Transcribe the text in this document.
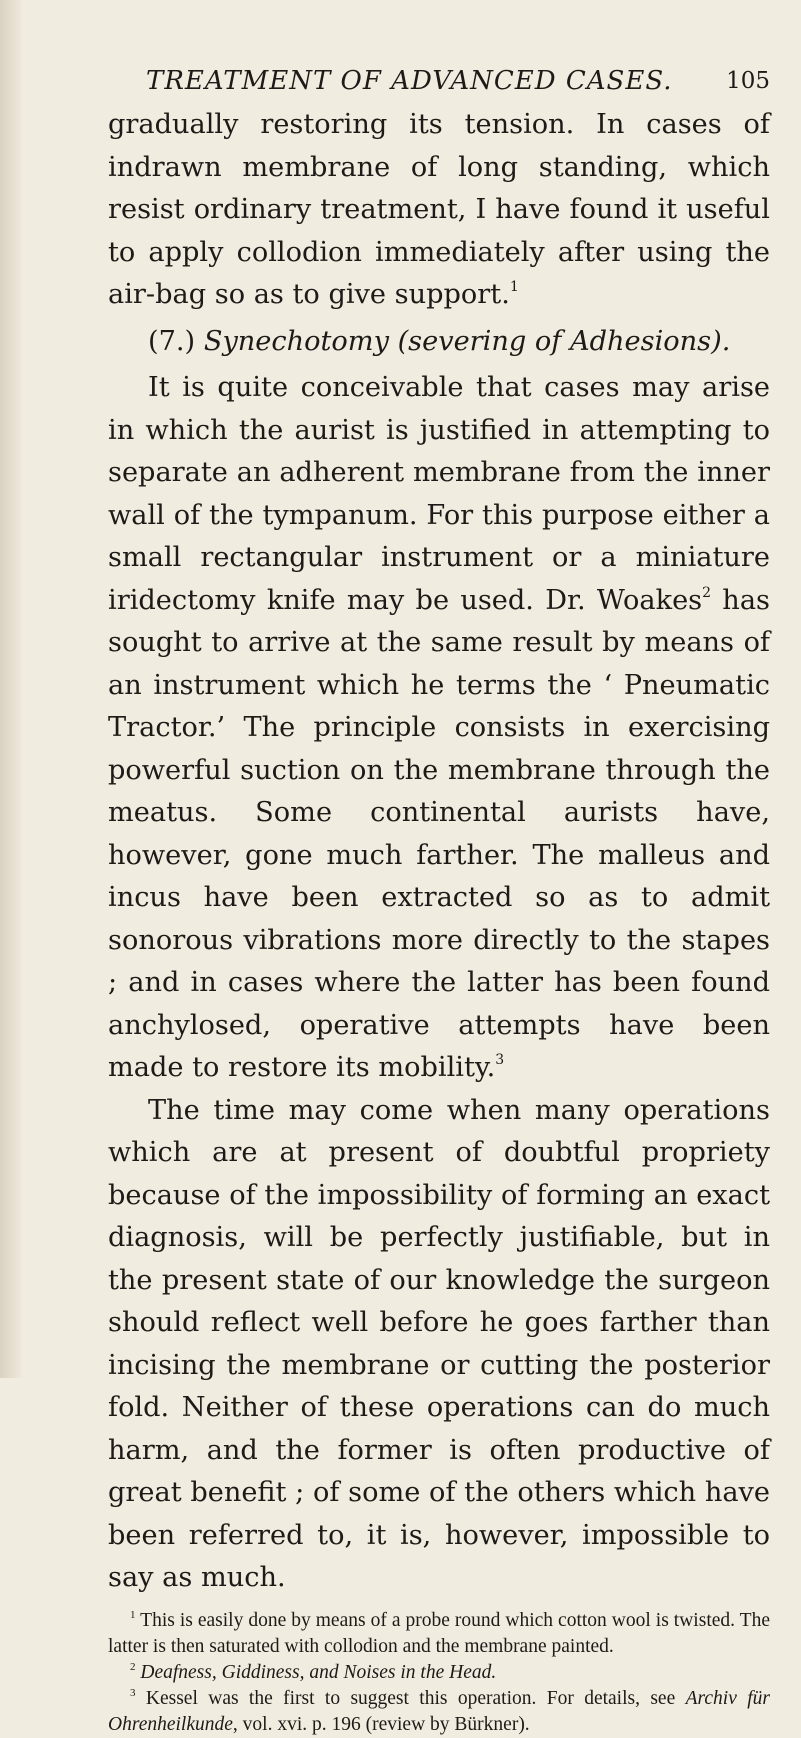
TREATMENT OF ADVANCED CASES. 105

gradually restoring its tension. In cases of indrawn membrane of long standing, which resist ordinary treatment, I have found it useful to apply collodion immediately after using the air-bag so as to give support.$^1$

(7.) Synechotomy (severing of Adhesions).

It is quite conceivable that cases may arise in which the aurist is justified in attempting to separate an adherent membrane from the inner wall of the tympanum. For this purpose either a small rectangular instrument or a miniature iridectomy knife may be used. Dr. Woakes$^2$ has sought to arrive at the same result by means of an instrument which he terms the ‘ Pneumatic Tractor.’ The principle consists in exercising powerful suction on the membrane through the meatus. Some continental aurists have, however, gone much farther. The malleus and incus have been extracted so as to admit sonorous vibrations more directly to the stapes ; and in cases where the latter has been found anchylosed, operative attempts have been made to restore its mobility.$^3$

The time may come when many operations which are at present of doubtful propriety because of the impossibility of forming an exact diagnosis, will be perfectly justifiable, but in the present state of our knowledge the surgeon should reflect well before he goes farther than incising the membrane or cutting the posterior fold. Neither of these operations can do much harm, and the former is often productive of great benefit ; of some of the others which have been referred to, it is, however, impossible to say as much.

$^1$ This is easily done by means of a probe round which cotton wool is twisted. The latter is then saturated with collodion and the membrane painted.

$^2$ Deafness, Giddiness, and Noises in the Head.

$^3$ Kessel was the first to suggest this operation. For details, see Archiv für Ohrenheilkunde, vol. xvi. p. 196 (review by Bürkner).
